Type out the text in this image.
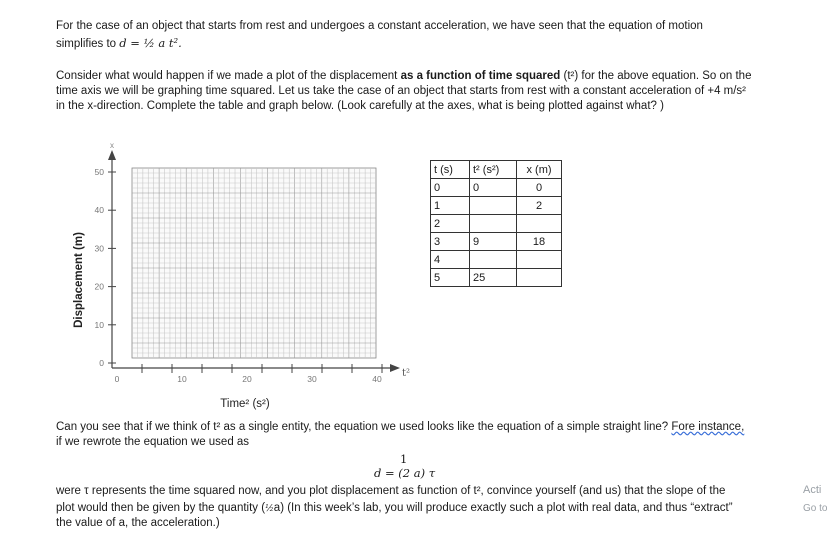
For the case of an object that starts from rest and undergoes a constant acceleration, we have seen that the equation of motion
simplifies to d = ½ a t².
Consider what would happen if we made a plot of the displacement as a function of time squared (t²) for the above equation. So on the
time axis we will be graphing time squared. Let us take the case of an object that starts from rest with a constant acceleration of +4 m/s²
in the x-direction. Complete the table and graph below. (Look carefully at the axes, what is being plotted against what? )
x
t²
0
10
20
30
40
50
0	10	20	30	40
Displacement (m)
Time² (s²)
t (s)	t² (s²)	x (m)
0	0	0
1		2
2		
3	9	18
4		
5	25	
Can you see that if we think of t² as a single entity, the equation we used looks like the equation of a simple straight line? Fore instance,
if we rewrote the equation we used as
1
d = (2 a) τ
were τ represents the time squared now, and you plot displacement as function of t², convince yourself (and us) that the slope of the
plot would then be given by the quantity (½a) (In this week’s lab, you will produce exactly such a plot with real data, and thus “extract”
the value of a, the acceleration.)
Acti
Go to
